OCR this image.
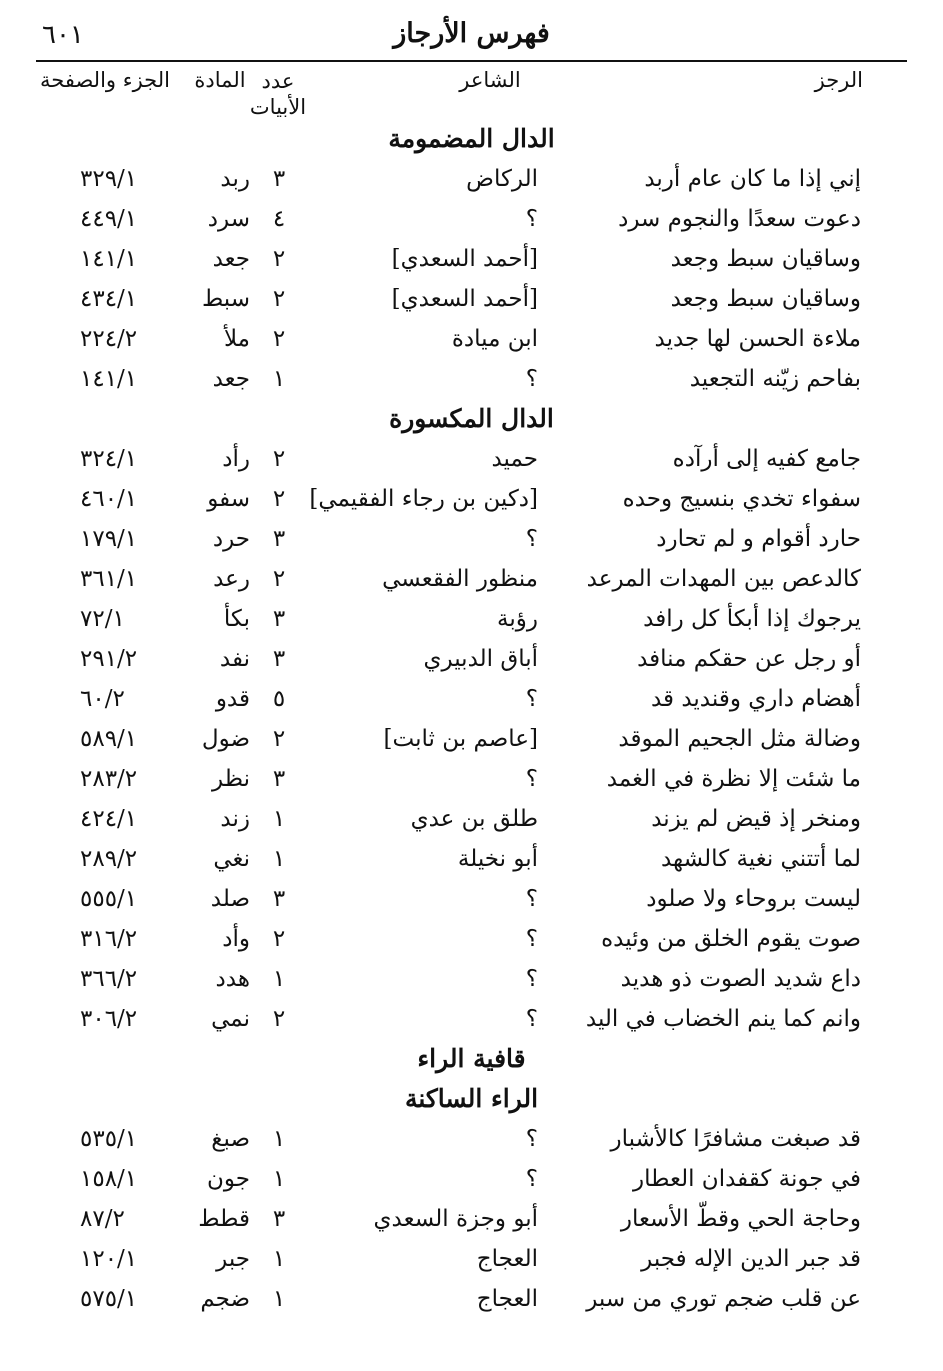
٦٠١	فهرس الأرجاز
الرجز
الشاعر
عدد
الأبيات
المادة
الجزء والصفحة
الدال المضمومة
إني إذا ما كان عام أربد
الركاض
٣
ربد
٣٢٩/١
دعوت سعدًا والنجوم سرد
؟
٤
سرد
٤٤٩/١
وساقيان سبط وجعد
[أحمد السعدي]
٢
جعد
١٤١/١
وساقيان سبط وجعد
[أحمد السعدي]
٢
سبط
٤٣٤/١
ملاءة الحسن لها جديد
ابن ميادة
٢
ملأ
٢٢٤/٢
بفاحم زيّنه التجعيد
؟
١
جعد
١٤١/١
الدال المكسورة
جامع كفيه إلى أرآده
حميد
٢
رأد
٣٢٤/١
سفواء تخدي بنسيج وحده
[دكين بن رجاء الفقيمي]
٢
سفو
٤٦٠/١
حارد أقوام و لم تحارد
؟
٣
حرد
١٧٩/١
كالدعص بين المهدات المرعد
منظور الفقعسي
٢
رعد
٣٦١/١
يرجوك إذا أبكأ كل رافد
رؤبة
٣
بكأ
٧٢/١
أو رجل عن حقكم منافد
أباق الدبيري
٣
نفد
٢٩١/٢
أهضام داري وقنديد قد
؟
٥
قدو
٦٠/٢
وضالة مثل الجحيم الموقد
[عاصم بن ثابت]
٢
ضول
٥٨٩/١
ما شئت إلا نظرة في الغمد
؟
٣
نظر
٢٨٣/٢
ومنخر إذ قيض لم يزند
طلق بن عدي
١
زند
٤٢٤/١
لما أتتني نغية كالشهد
أبو نخيلة
١
نغي
٢٨٩/٢
ليست بروحاء ولا صلود
؟
٣
صلد
٥٥٥/١
صوت يقوم الخلق من وئيده
؟
٢
وأد
٣١٦/٢
داع شديد الصوت ذو هديد
؟
١
هدد
٣٦٦/٢
وانم كما ينم الخضاب في اليد
؟
٢
نمي
٣٠٦/٢
قافية الراء
الراء الساكنة
قد صبغت مشافرًا كالأشبار
؟
١
صبغ
٥٣٥/١
في جونة كقفدان العطار
؟
١
جون
١٥٨/١
وحاجة الحي وقطّ الأسعار
أبو وجزة السعدي
٣
قطط
٨٧/٢
قد جبر الدين الإله فجبر
العجاج
١
جبر
١٢٠/١
عن قلب ضجم توري من سبر
العجاج
١
ضجم
٥٧٥/١
